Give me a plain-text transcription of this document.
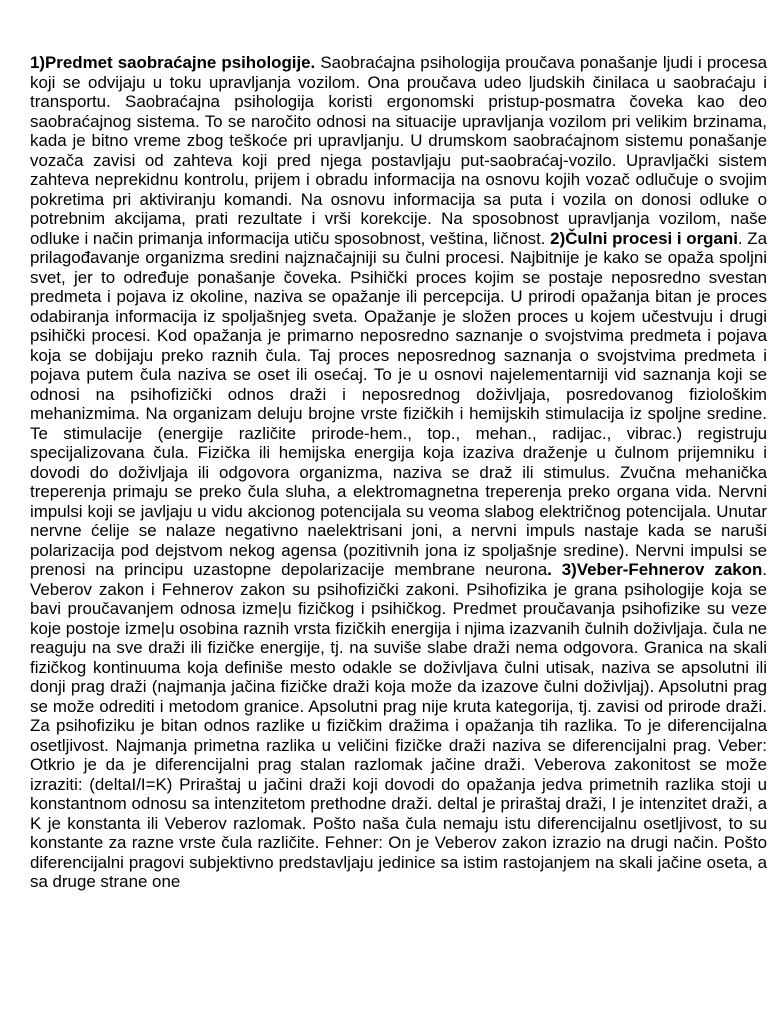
1)Predmet saobraćajne psihologije. Saobraćajna psihologija proučava ponašanje ljudi i procesa koji se odvijaju u toku upravljanja vozilom. Ona proučava udeo ljudskih činilaca u saobraćaju i transportu. Saobraćajna psihologija koristi ergonomski pristup-posmatra čoveka kao deo saobraćajnog sistema. To se naročito odnosi na situacije upravljanja vozilom pri velikim brzinama, kada je bitno vreme zbog teškoće pri upravljanju. U drumskom saobraćajnom sistemu ponašanje vozača zavisi od zahteva koji pred njega postavljaju put-saobraćaj-vozilo. Upravljački sistem zahteva neprekidnu kontrolu, prijem i obradu informacija na osnovu kojih vozač odlučuje o svojim pokretima pri aktiviranju komandi. Na osnovu informacija sa puta i vozila on donosi odluke o potrebnim akcijama, prati rezultate i vrši korekcije. Na sposobnost upravljanja vozilom, naše odluke i način primanja informacija utiču sposobnost, veština, ličnost. 2)Čulni procesi i organi. Za prilagođavanje organizma sredini najznačajniji su čulni procesi. Najbitnije je kako se opaža spoljni svet, jer to određuje ponašanje čoveka. Psihički proces kojim se postaje neposredno svestan predmeta i pojava iz okoline, naziva se opažanje ili percepcija. U prirodi opažanja bitan je proces odabiranja informacija iz spoljašnjeg sveta. Opažanje je složen proces u kojem učestvuju i drugi psihički procesi. Kod opažanja je primarno neposredno saznanje o svojstvima predmeta i pojava koja se dobijaju preko raznih čula. Taj proces neposrednog saznanja o svojstvima predmeta i pojava putem čula naziva se oset ili osećaj. To je u osnovi najelementarniji vid saznanja koji se odnosi na psihofizički odnos draži i neposrednog doživljaja, posredovanog fiziološkim mehanizmima. Na organizam deluju brojne vrste fizičkih i hemijskih stimulacija iz spoljne sredine. Te stimulacije (energije različite prirode-hem., top., mehan., radijac., vibrac.) registruju specijalizovana čula. Fizička ili hemijska energija koja izaziva draženje u čulnom prijemniku i dovodi do doživljaja ili odgovora organizma, naziva se draž ili stimulus. Zvučna mehanička treperenja primaju se preko čula sluha, a elektromagnetna treperenja preko organa vida. Nervni impulsi koji se javljaju u vidu akcionog potencijala su veoma slabog električnog potencijala. Unutar nervne ćelije se nalaze negativno naelektrisani joni, a nervni impuls nastaje kada se naruši polarizacija pod dejstvom nekog agensa (pozitivnih jona iz spoljašnje sredine). Nervni impulsi se prenosi na principu uzastopne depolarizacije membrane neurona. 3)Veber-Fehnerov zakon. Veberov zakon i Fehnerov zakon su psihofizički zakoni. Psihofizika je grana psihologije koja se bavi proučavanjem odnosa izme|u fizičkog i psihičkog. Predmet proučavanja psihofizike su veze koje postoje izme|u osobina raznih vrsta fizičkih energija i njima izazvanih čulnih doživljaja. čula ne reaguju na sve draži ili fizičke energije, tj. na suviše slabe draži nema odgovora. Granica na skali fizičkog kontinuuma koja definiše mesto odakle se doživljava čulni utisak, naziva se apsolutni ili donji prag draži (najmanja jačina fizičke draži koja može da izazove čulni doživljaj). Apsolutni prag se može odrediti i metodom granice. Apsolutni prag nije kruta kategorija, tj. zavisi od prirode draži. Za psihofiziku je bitan odnos razlike u fizičkim dražima i opažanja tih razlika. To je diferencijalna osetljivost. Najmanja primetna razlika u veličini fizičke draži naziva se diferencijalni prag. Veber: Otkrio je da je diferencijalni prag stalan razlomak jačine draži. Veberova zakonitost se može izraziti: (deltaI/I=K) Priraštaj u jačini draži koji dovodi do opažanja jedva primetnih razlika stoji u konstantnom odnosu sa intenzitetom prethodne draži. deltal je priraštaj draži, I je intenzitet draži, a K je konstanta ili Veberov razlomak. Pošto naša čula nemaju istu diferencijalnu osetljivost, to su konstante za razne vrste čula različite. Fehner: On je Veberov zakon izrazio na drugi način. Pošto diferencijalni pragovi subjektivno predstavljaju jedinice sa istim rastojanjem na skali jačine oseta, a sa druge strane one
